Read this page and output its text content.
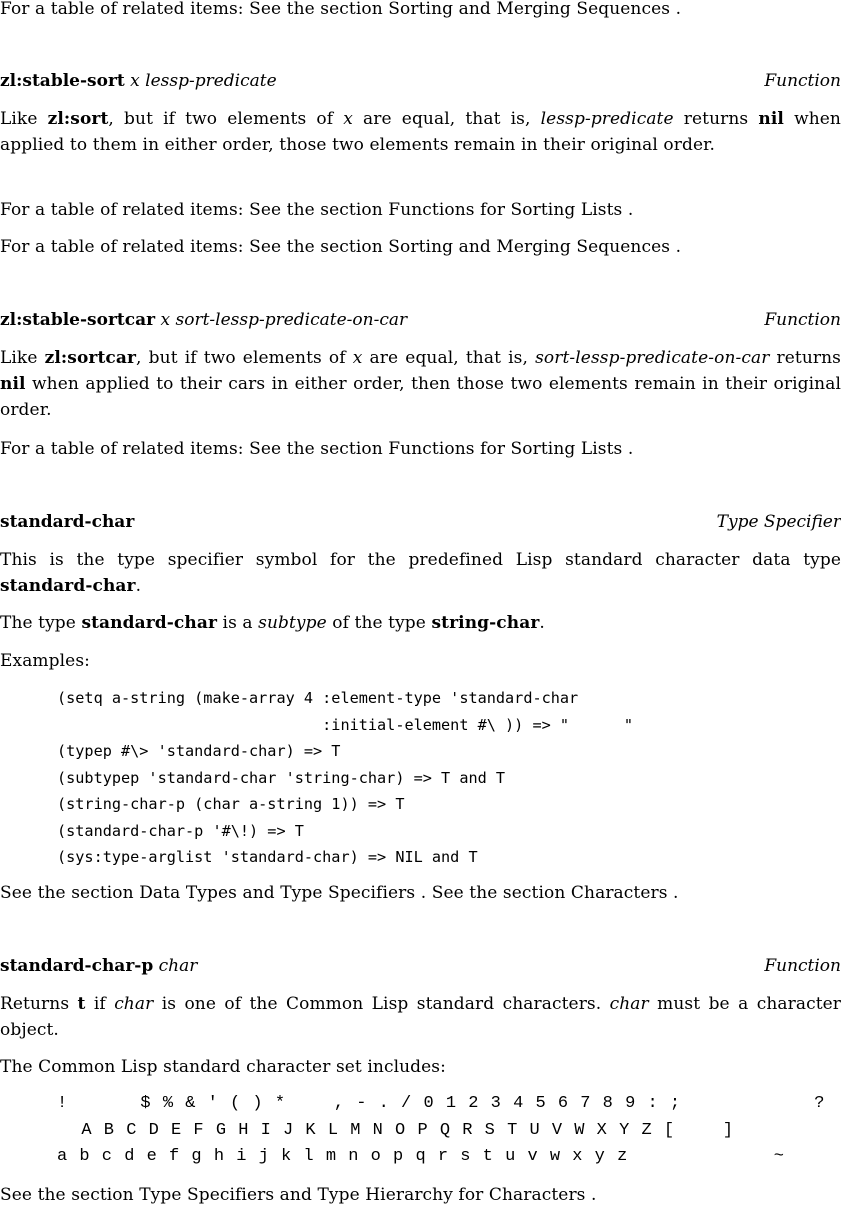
For a table of related items: See the section Sorting and Merging Sequences .

zl:stable-sort x lessp-predicate	Function

Like zl:sort, but if two elements of x are equal, that is, lessp-predicate returns nil when applied to them in either order, those two elements remain in their original order.

For a table of related items: See the section Functions for Sorting Lists .

For a table of related items: See the section Sorting and Merging Sequences .

zl:stable-sortcar x sort-lessp-predicate-on-car	Function

Like zl:sortcar, but if two elements of x are equal, that is, sort-lessp-predicate-on-car returns nil when applied to their cars in either order, then those two elements remain in their original order.

For a table of related items: See the section Functions for Sorting Lists .

standard-char	Type Specifier

This is the type specifier symbol for the predefined Lisp standard character data type standard-char.

The type standard-char is a subtype of the type string-char.

Examples:

(setq a-string (make-array 4 :element-type 'standard-char
:initial-element #\ )) => "      "
(typep #\> 'standard-char) => T
(subtypep 'standard-char 'string-char) => T and T
(string-char-p (char a-string 1)) => T
(standard-char-p '#\!) => T
(sys:type-arglist 'standard-char) => NIL and T

See the section Data Types and Type Specifiers . See the section Characters .

standard-char-p char	Function

Returns t if char is one of the Common Lisp standard characters. char must be a character object.

The Common Lisp standard character set includes:

!      $ % & ' ( ) *    , - . / 0 1 2 3 4 5 6 7 8 9 : ;           ?
A B C D E F G H I J K L M N O P Q R S T U V W X Y Z [    ]
a b c d e f g h i j k l m n o p q r s t u v w x y z            ~

See the section Type Specifiers and Type Hierarchy for Characters .
